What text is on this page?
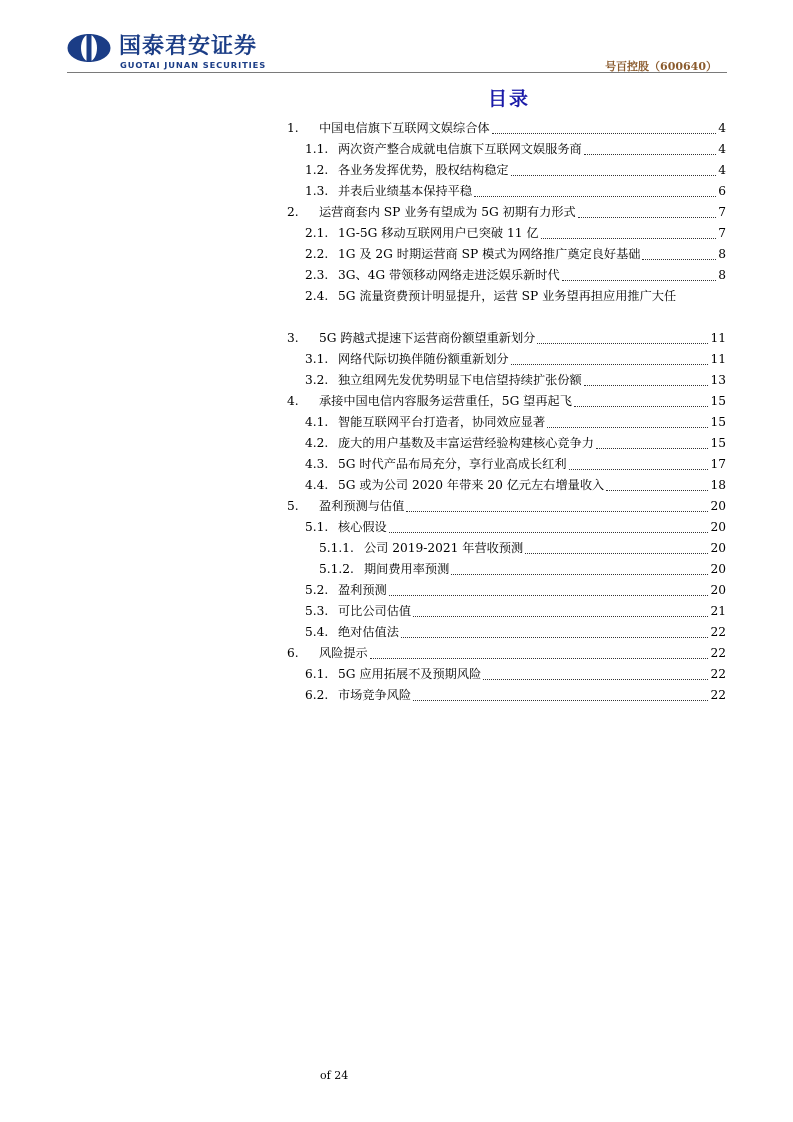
国泰君安证券
GUOTAI JUNAN SECURITIES	号百控股（600640）
目录
1.	中国电信旗下互联网文娱综合体	4
1.1. 两次资产整合成就电信旗下互联网文娱服务商	4
1.2. 各业务发挥优势，股权结构稳定	4
1.3. 并表后业绩基本保持平稳	6
2.	运营商套内 SP 业务有望成为 5G 初期有力形式	7
2.1. 1G-5G 移动互联网用户已突破 11 亿	7
2.2. 1G 及 2G 时期运营商 SP 模式为网络推广奠定良好基础	8
2.3. 3G、4G 带领移动网络走进泛娱乐新时代	8
2.4. 5G 流量资费预计明显提升，运营 SP 业务望再担应用推广大任
3.	5G 跨越式提速下运营商份额望重新划分	11
3.1. 网络代际切换伴随份额重新划分	11
3.2. 独立组网先发优势明显下电信望持续扩张份额	13
4.	承接中国电信内容服务运营重任，5G 望再起飞	15
4.1. 智能互联网平台打造者，协同效应显著	15
4.2. 庞大的用户基数及丰富运营经验构建核心竞争力	15
4.3. 5G 时代产品布局充分，享行业高成长红利	17
4.4. 5G 或为公司 2020 年带来 20 亿元左右增量收入	18
5.	盈利预测与估值	20
5.1. 核心假设	20
5.1.1. 公司 2019-2021 年营收预测	20
5.1.2. 期间费用率预测	20
5.2. 盈利预测	20
5.3. 可比公司估值	21
5.4. 绝对估值法	22
6.	风险提示	22
6.1. 5G 应用拓展不及预期风险	22
6.2. 市场竞争风险	22
of 24
